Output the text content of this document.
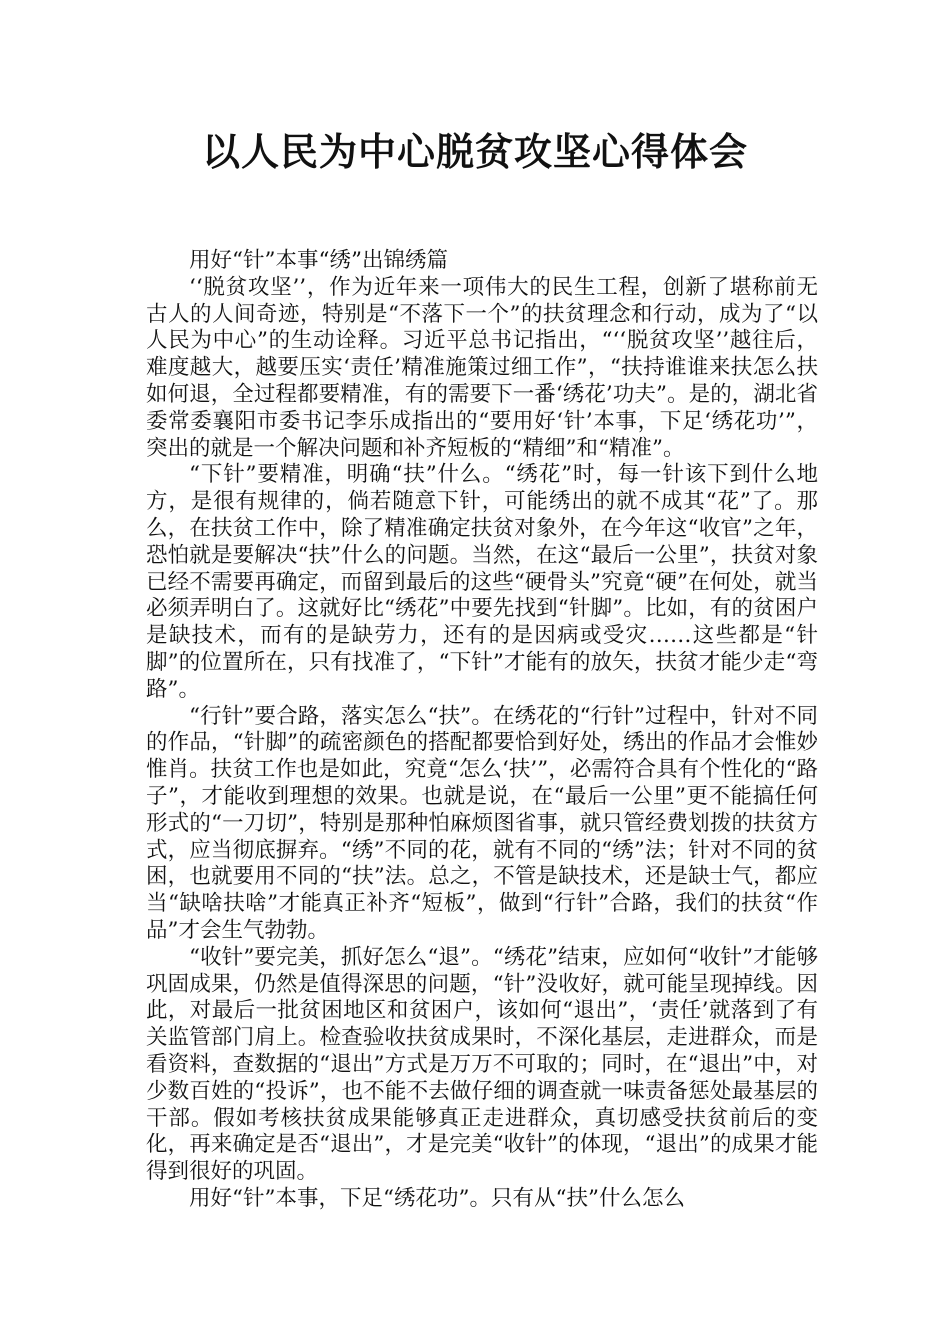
以人民为中心脱贫攻坚心得体会

用好“针”本事“绣”出锦绣篇

‘‘脱贫攻坚’’，作为近年来一项伟大的民生工程，创新了堪称前无古人的人间奇迹，特别是“不落下一个”的扶贫理念和行动，成为了“以人民为中心”的生动诠释。习近平总书记指出，“‘‘脱贫攻坚’’越往后，难度越大，越要压实‘责任’精准施策过细工作”，“扶持谁谁来扶怎么扶如何退，全过程都要精准，有的需要下一番‘绣花’功夫”。是的，湖北省委常委襄阳市委书记李乐成指出的“要用好‘针’本事，下足‘绣花功’”，突出的就是一个解决问题和补齐短板的“精细”和“精准”。

“下针”要精准，明确“扶”什么。“绣花”时，每一针该下到什么地方，是很有规律的，倘若随意下针，可能绣出的就不成其“花”了。那么，在扶贫工作中，除了精准确定扶贫对象外，在今年这“收官”之年，恐怕就是要解决“扶”什么的问题。当然，在这“最后一公里”，扶贫对象已经不需要再确定，而留到最后的这些“硬骨头”究竟“硬”在何处，就当必须弄明白了。这就好比“绣花”中要先找到“针脚”。比如，有的贫困户是缺技术，而有的是缺劳力，还有的是因病或受灾……这些都是“针脚”的位置所在，只有找准了，“下针”才能有的放矢，扶贫才能少走“弯路”。

“行针”要合路，落实怎么“扶”。在绣花的“行针”过程中，针对不同的作品，“针脚”的疏密颜色的搭配都要恰到好处，绣出的作品才会惟妙惟肖。扶贫工作也是如此，究竟“怎么‘扶’”，必需符合具有个性化的“路子”，才能收到理想的效果。也就是说，在“最后一公里”更不能搞任何形式的“一刀切”，特别是那种怕麻烦图省事，就只管经费划拨的扶贫方式，应当彻底摒弃。“绣”不同的花，就有不同的“绣”法；针对不同的贫困，也就要用不同的“扶”法。总之，不管是缺技术，还是缺士气，都应当“缺啥扶啥”才能真正补齐“短板”，做到“行针”合路，我们的扶贫“作品”才会生气勃勃。

“收针”要完美，抓好怎么“退”。“绣花”结束，应如何“收针”才能够巩固成果，仍然是值得深思的问题，“针”没收好，就可能呈现掉线。因此，对最后一批贫困地区和贫困户，该如何“退出”，‘责任’就落到了有关监管部门肩上。检查验收扶贫成果时，不深化基层，走进群众，而是看资料，查数据的“退出”方式是万万不可取的；同时，在“退出”中，对少数百姓的“投诉”，也不能不去做仔细的调查就一味责备惩处最基层的干部。假如考核扶贫成果能够真正走进群众，真切感受扶贫前后的变化，再来确定是否“退出”，才是完美“收针”的体现，“退出”的成果才能得到很好的巩固。

用好“针”本事，下足“绣花功”。只有从“扶”什么怎么
